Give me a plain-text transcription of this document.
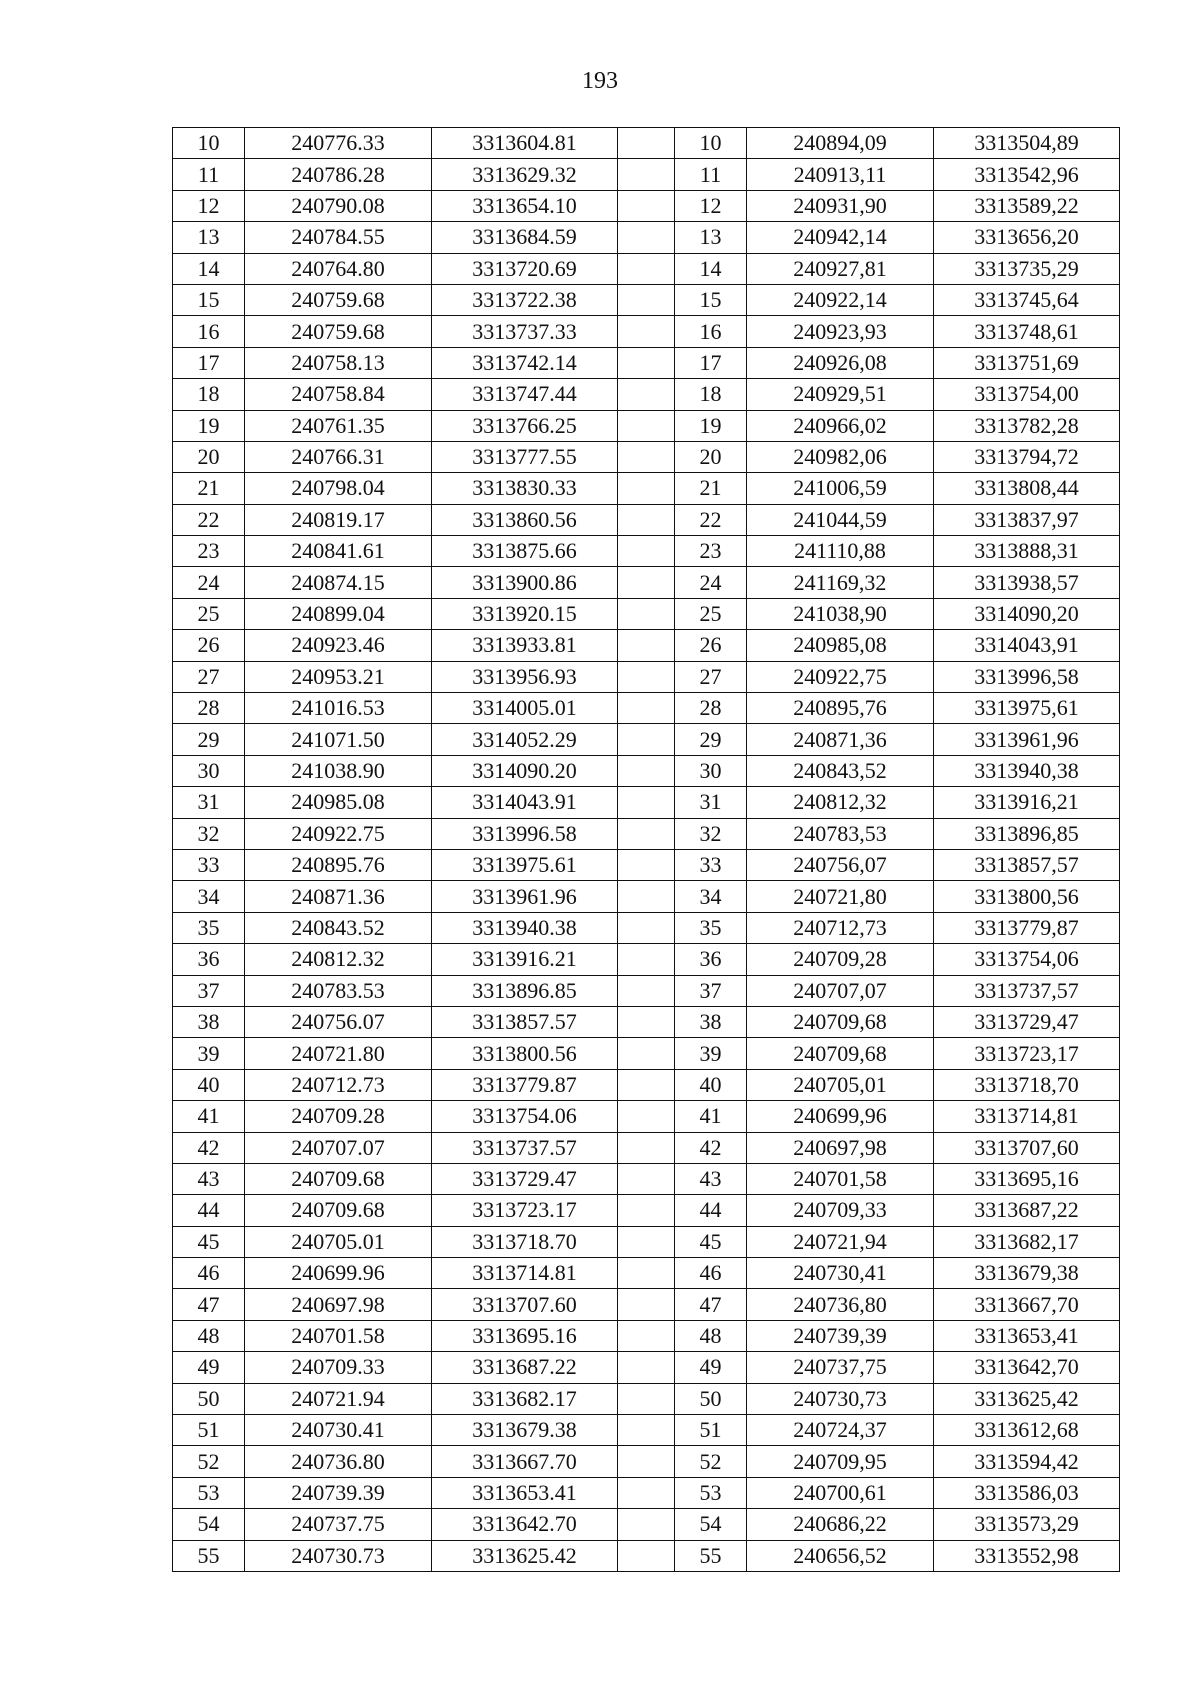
193
10	240776.33	3313604.81		10	240894,09	3313504,89
11	240786.28	3313629.32		11	240913,11	3313542,96
12	240790.08	3313654.10		12	240931,90	3313589,22
13	240784.55	3313684.59		13	240942,14	3313656,20
14	240764.80	3313720.69		14	240927,81	3313735,29
15	240759.68	3313722.38		15	240922,14	3313745,64
16	240759.68	3313737.33		16	240923,93	3313748,61
17	240758.13	3313742.14		17	240926,08	3313751,69
18	240758.84	3313747.44		18	240929,51	3313754,00
19	240761.35	3313766.25		19	240966,02	3313782,28
20	240766.31	3313777.55		20	240982,06	3313794,72
21	240798.04	3313830.33		21	241006,59	3313808,44
22	240819.17	3313860.56		22	241044,59	3313837,97
23	240841.61	3313875.66		23	241110,88	3313888,31
24	240874.15	3313900.86		24	241169,32	3313938,57
25	240899.04	3313920.15		25	241038,90	3314090,20
26	240923.46	3313933.81		26	240985,08	3314043,91
27	240953.21	3313956.93		27	240922,75	3313996,58
28	241016.53	3314005.01		28	240895,76	3313975,61
29	241071.50	3314052.29		29	240871,36	3313961,96
30	241038.90	3314090.20		30	240843,52	3313940,38
31	240985.08	3314043.91		31	240812,32	3313916,21
32	240922.75	3313996.58		32	240783,53	3313896,85
33	240895.76	3313975.61		33	240756,07	3313857,57
34	240871.36	3313961.96		34	240721,80	3313800,56
35	240843.52	3313940.38		35	240712,73	3313779,87
36	240812.32	3313916.21		36	240709,28	3313754,06
37	240783.53	3313896.85		37	240707,07	3313737,57
38	240756.07	3313857.57		38	240709,68	3313729,47
39	240721.80	3313800.56		39	240709,68	3313723,17
40	240712.73	3313779.87		40	240705,01	3313718,70
41	240709.28	3313754.06		41	240699,96	3313714,81
42	240707.07	3313737.57		42	240697,98	3313707,60
43	240709.68	3313729.47		43	240701,58	3313695,16
44	240709.68	3313723.17		44	240709,33	3313687,22
45	240705.01	3313718.70		45	240721,94	3313682,17
46	240699.96	3313714.81		46	240730,41	3313679,38
47	240697.98	3313707.60		47	240736,80	3313667,70
48	240701.58	3313695.16		48	240739,39	3313653,41
49	240709.33	3313687.22		49	240737,75	3313642,70
50	240721.94	3313682.17		50	240730,73	3313625,42
51	240730.41	3313679.38		51	240724,37	3313612,68
52	240736.80	3313667.70		52	240709,95	3313594,42
53	240739.39	3313653.41		53	240700,61	3313586,03
54	240737.75	3313642.70		54	240686,22	3313573,29
55	240730.73	3313625.42		55	240656,52	3313552,98
